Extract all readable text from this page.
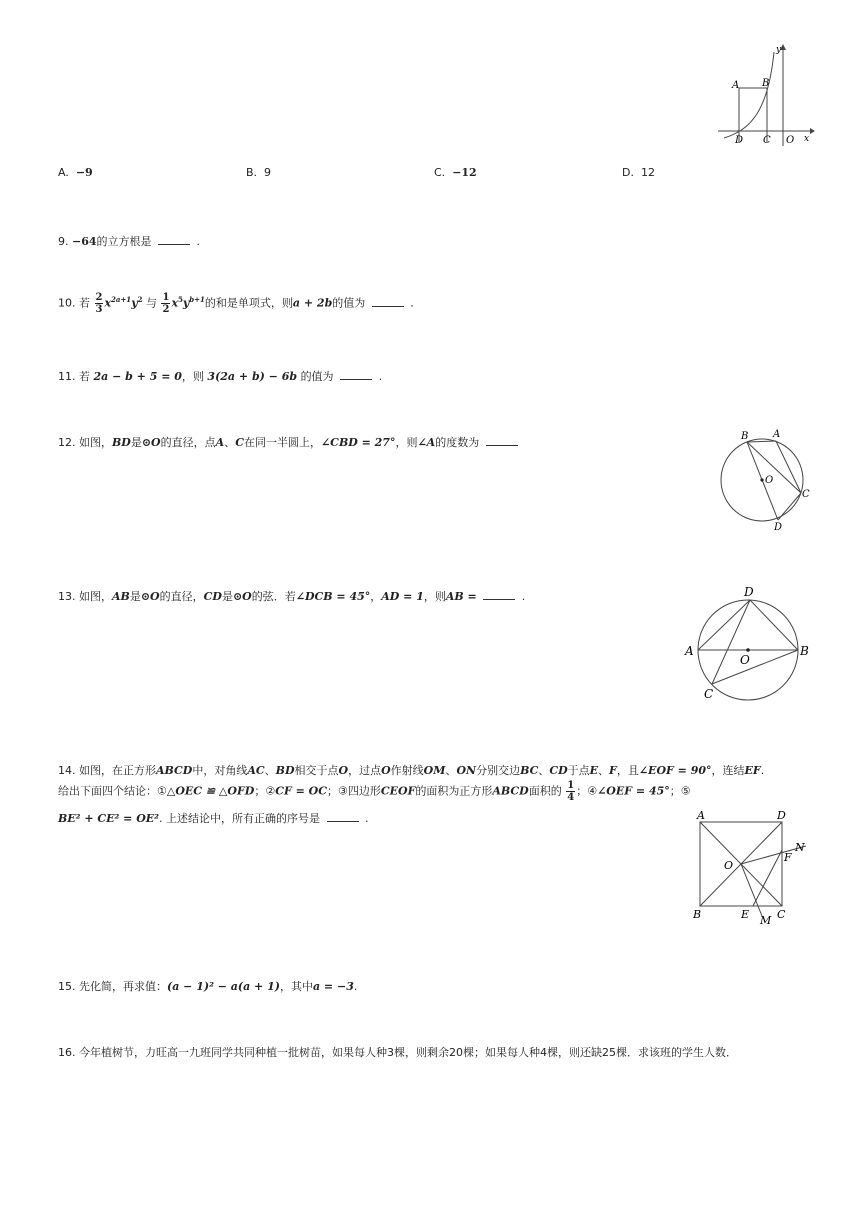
A B
D C O x
y
A. −9	B. 9	C. −12	D. 12
9. −64的立方根是	.
10. 若 $\frac{2}{3} x^{2a+1}y^2$ 与 $\frac{1}{2} x^5y^{b+1}$的和是单项式，则a + 2b的值为	.
11. 若 2a − b + 5 = 0，则 3(2a + b) − 6b 的值为	.
12. 如图，BD是⊙O的直径，点A、C在同一半圆上，∠CBD = 27°，则∠A的度数为	B A
O
C
D
13. 如图，AB是⊙O的直径，CD是⊙O的弦．若∠DCB = 45°，AD = 1，则AB =	.	D
A
O
B
C
14. 如图，在正方形ABCD中，对角线AC、BD相交于点O，过点O作射线OM、ON分别交边BC、CD于点E、F，且∠EOF = 90°，连结EF.
给出下面四个结论：①△OEC ≌ △OFD；②CF = OC；③四边形CEOF的面积为正方形ABCD面积的 $\frac{1}{4}$ ；④∠OEF = 45°；⑤
BE² + CE² = OE². 上述结论中，所有正确的序号是	.	A	D
O
N
F
B	E M C
15. 先化简，再求值：(a − 1)² − a(a + 1)，其中a = −3.
16. 今年植树节，力旺高一九班同学共同种植一批树苗，如果每人种3棵，则剩余20棵；如果每人种4棵，则还缺25棵．求该班的学生人数．
